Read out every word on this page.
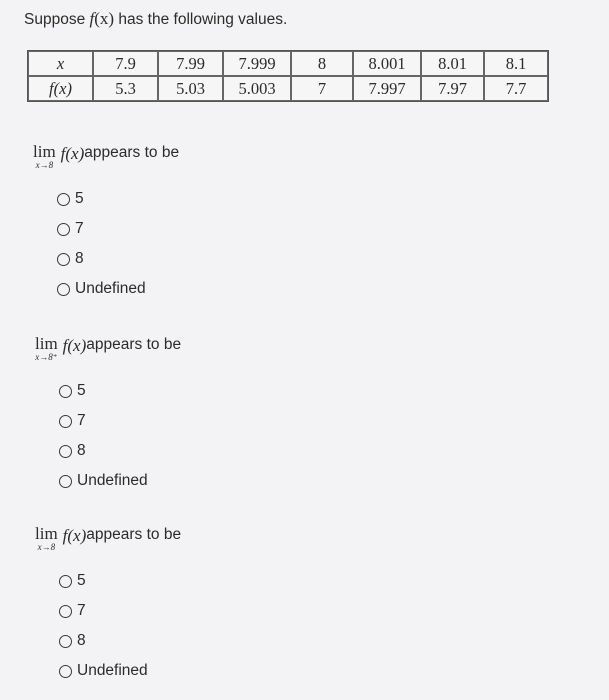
Suppose f(x) has the following values.
x	7.9	7.99	7.999	8	8.001	8.01	8.1
f(x)	5.3	5.03	5.003	7	7.997	7.97	7.7
lim
x→8
f(x) appears to be
5
7
8
Undefined
lim
x→8⁺
f(x) appears to be
5
7
8
Undefined
lim
x→8
f(x) appears to be
5
7
8
Undefined
